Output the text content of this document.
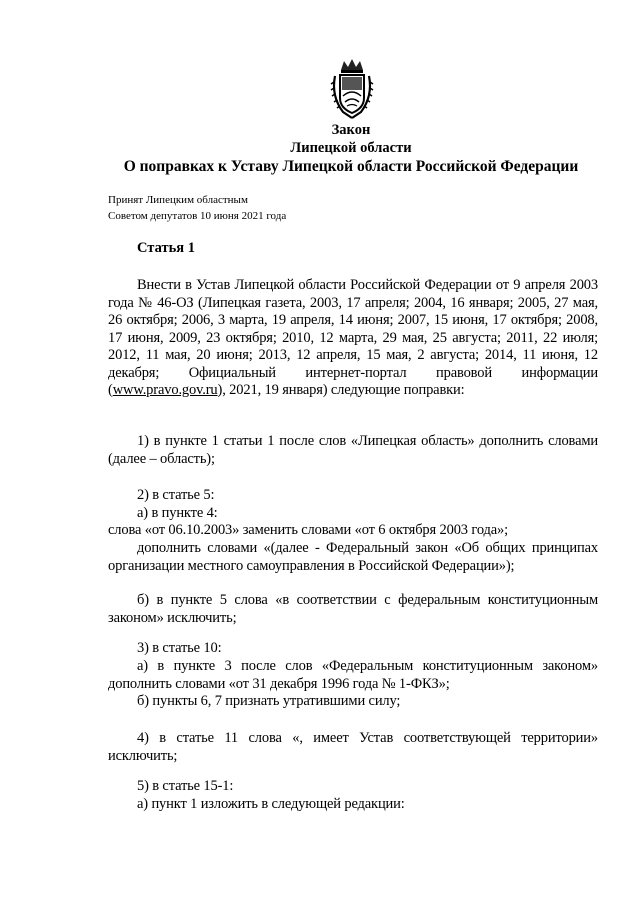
Закон
Липецкой области
О поправках к Уставу Липецкой области Российской Федерации
Принят Липецким областным
Советом депутатов 10 июня 2021 года
Статья 1
Внести в Устав Липецкой области Российской Федерации от 9 апреля 2003 года № 46-ОЗ (Липецкая газета, 2003, 17 апреля; 2004, 16 января; 2005, 27 мая, 26 октября; 2006, 3 марта, 19 апреля, 14 июня; 2007, 15 июня, 17 октября; 2008, 17 июня, 2009, 23 октября; 2010, 12 марта, 29 мая, 25 августа; 2011, 22 июля; 2012, 11 мая, 20 июня; 2013, 12 апреля, 15 мая, 2 августа; 2014, 11 июня, 12 декабря; Официальный интернет-портал правовой информации (www.pravo.gov.ru), 2021, 19 января) следующие поправки:
1) в пункте 1 статьи 1 после слов «Липецкая область» дополнить словами (далее – область);
2) в статье 5:
а) в пункте 4:
слова «от 06.10.2003» заменить словами «от 6 октября 2003 года»;
дополнить словами «(далее - Федеральный закон «Об общих принципах организации местного самоуправления в Российской Федерации»);
б) в пункте 5 слова «в соответствии с федеральным конституционным законом» исключить;
3) в статье 10:
а) в пункте 3 после слов «Федеральным конституционным законом» дополнить словами «от 31 декабря 1996 года № 1-ФКЗ»;
б) пункты 6, 7 признать утратившими силу;
4) в статье 11 слова «, имеет Устав соответствующей территории» исключить;
5) в статье 15-1:
а) пункт 1 изложить в следующей редакции:
